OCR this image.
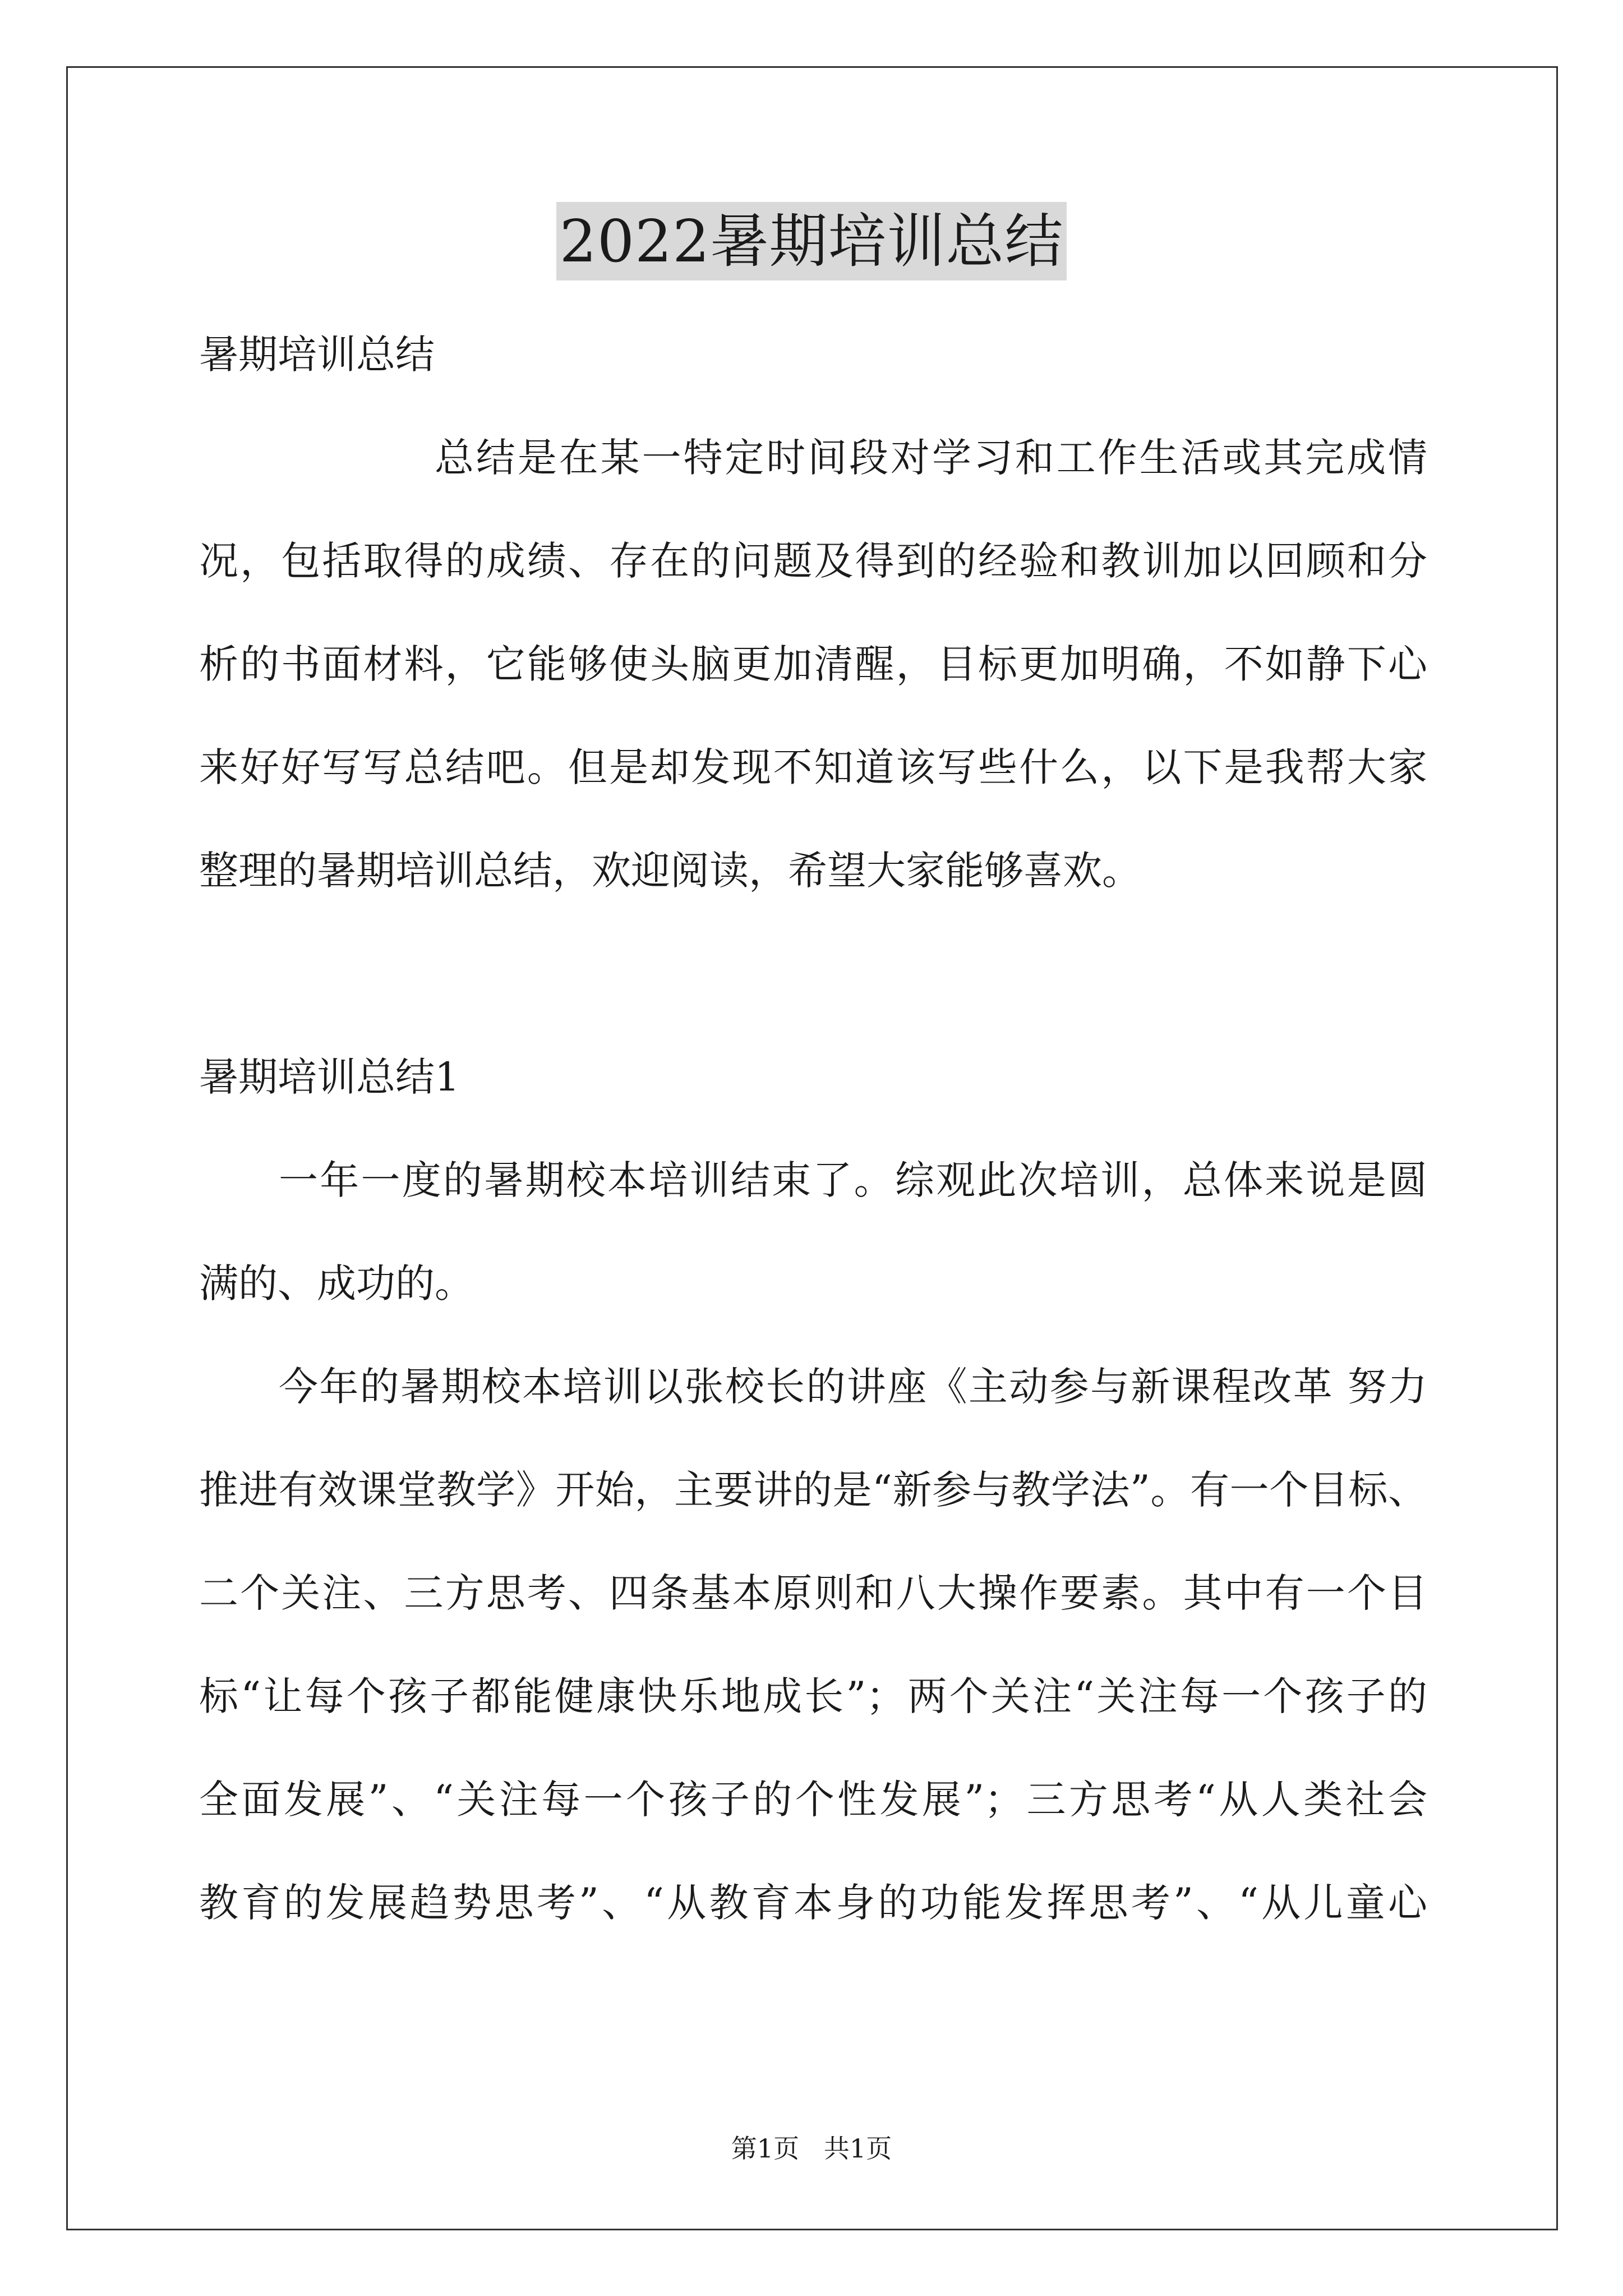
2022暑期培训总结
暑期培训总结
总结是在某一特定时间段对学习和工作生活或其完成情
况，包括取得的成绩、存在的问题及得到的经验和教训加以回顾和分
析的书面材料，它能够使头脑更加清醒，目标更加明确，不如静下心
来好好写写总结吧。但是却发现不知道该写些什么，以下是我帮大家
整理的暑期培训总结，欢迎阅读，希望大家能够喜欢。
暑期培训总结1
一年一度的暑期校本培训结束了。综观此次培训，总体来说是圆
满的、成功的。
今年的暑期校本培训以张校长的讲座《主动参与新课程改革 努力
推进有效课堂教学》开始，主要讲的是“新参与教学法”。有一个目标、
二个关注、三方思考、四条基本原则和八大操作要素。其中有一个目
标“让每个孩子都能健康快乐地成长”；两个关注“关注每一个孩子的
全面发展”、“关注每一个孩子的个性发展”；三方思考“从人类社会
教育的发展趋势思考”、“从教育本身的功能发挥思考”、“从儿童心
第1页   共1页
